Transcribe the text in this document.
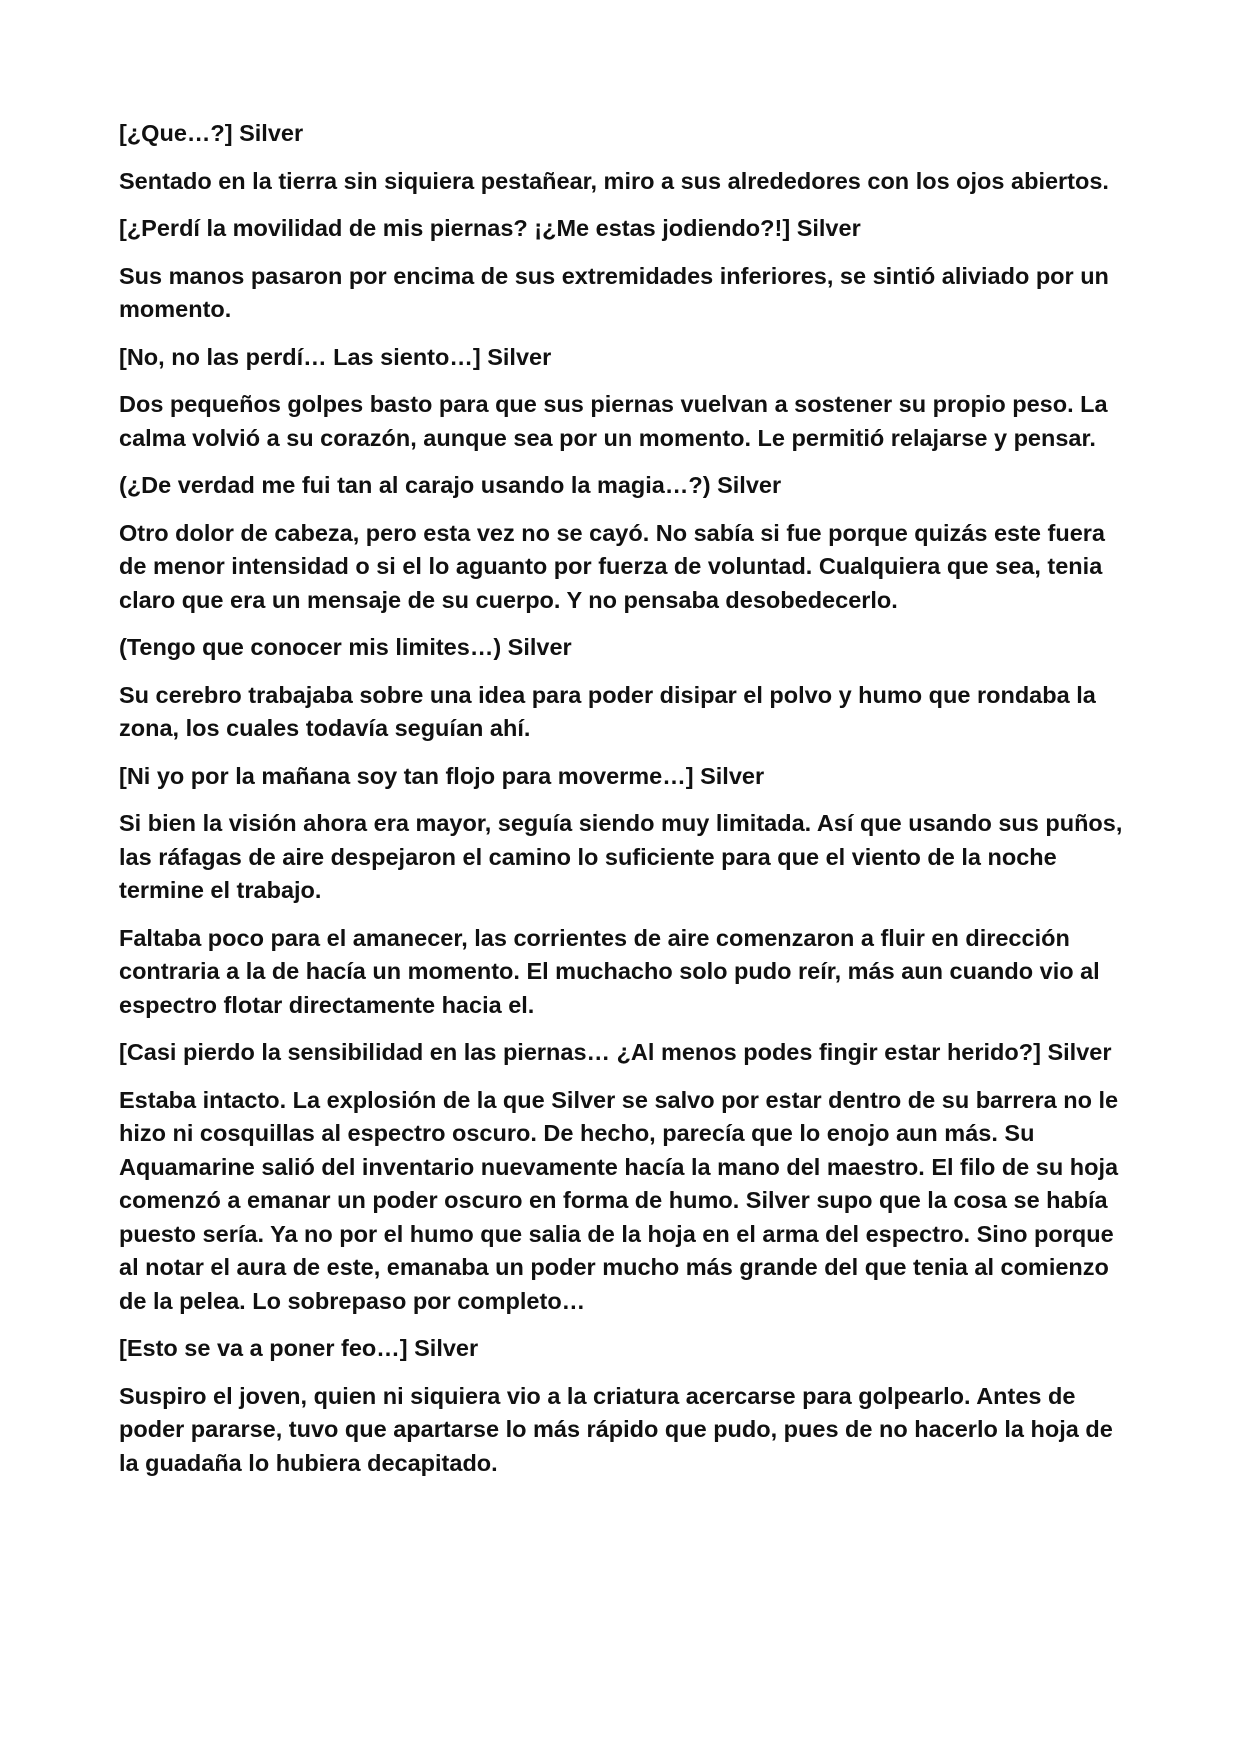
[¿Que…?] Silver

Sentado en la tierra sin siquiera pestañear, miro a sus alrededores con los ojos abiertos.

[¿Perdí la movilidad de mis piernas? ¡¿Me estas jodiendo?!] Silver

Sus manos pasaron por encima de sus extremidades inferiores, se sintió aliviado por un momento.

[No, no las perdí… Las siento…] Silver

Dos pequeños golpes basto para que sus piernas vuelvan a sostener su propio peso. La calma volvió a su corazón, aunque sea por un momento. Le permitió relajarse y pensar.

(¿De verdad me fui tan al carajo usando la magia…?) Silver

Otro dolor de cabeza, pero esta vez no se cayó. No sabía si fue porque quizás este fuera de menor intensidad o si el lo aguanto por fuerza de voluntad. Cualquiera que sea, tenia claro que era un mensaje de su cuerpo. Y no pensaba desobedecerlo.

(Tengo que conocer mis limites…) Silver

Su cerebro trabajaba sobre una idea para poder disipar el polvo y humo que rondaba la zona, los cuales todavía seguían ahí.

[Ni yo por la mañana soy tan flojo para moverme…] Silver

Si bien la visión ahora era mayor, seguía siendo muy limitada. Así que usando sus puños, las ráfagas de aire despejaron el camino lo suficiente para que el viento de la noche termine el trabajo.

Faltaba poco para el amanecer, las corrientes de aire comenzaron a fluir en dirección contraria a la de hacía un momento. El muchacho solo pudo reír, más aun cuando vio al espectro flotar directamente hacia el.

[Casi pierdo la sensibilidad en las piernas… ¿Al menos podes fingir estar herido?] Silver

Estaba intacto. La explosión de la que Silver se salvo por estar dentro de su barrera no le hizo ni cosquillas al espectro oscuro. De hecho, parecía que lo enojo aun más. Su Aquamarine salió del inventario nuevamente hacía la mano del maestro. El filo de su hoja comenzó a emanar un poder oscuro en forma de humo. Silver supo que la cosa se había puesto sería. Ya no por el humo que salia de la hoja en el arma del espectro. Sino porque al notar el aura de este, emanaba un poder mucho más grande del que tenia al comienzo de la pelea. Lo sobrepaso por completo…

[Esto se va a poner feo…] Silver

Suspiro el joven, quien ni siquiera vio a la criatura acercarse para golpearlo. Antes de poder pararse, tuvo que apartarse lo más rápido que pudo, pues de no hacerlo la hoja de la guadaña lo hubiera decapitado.
